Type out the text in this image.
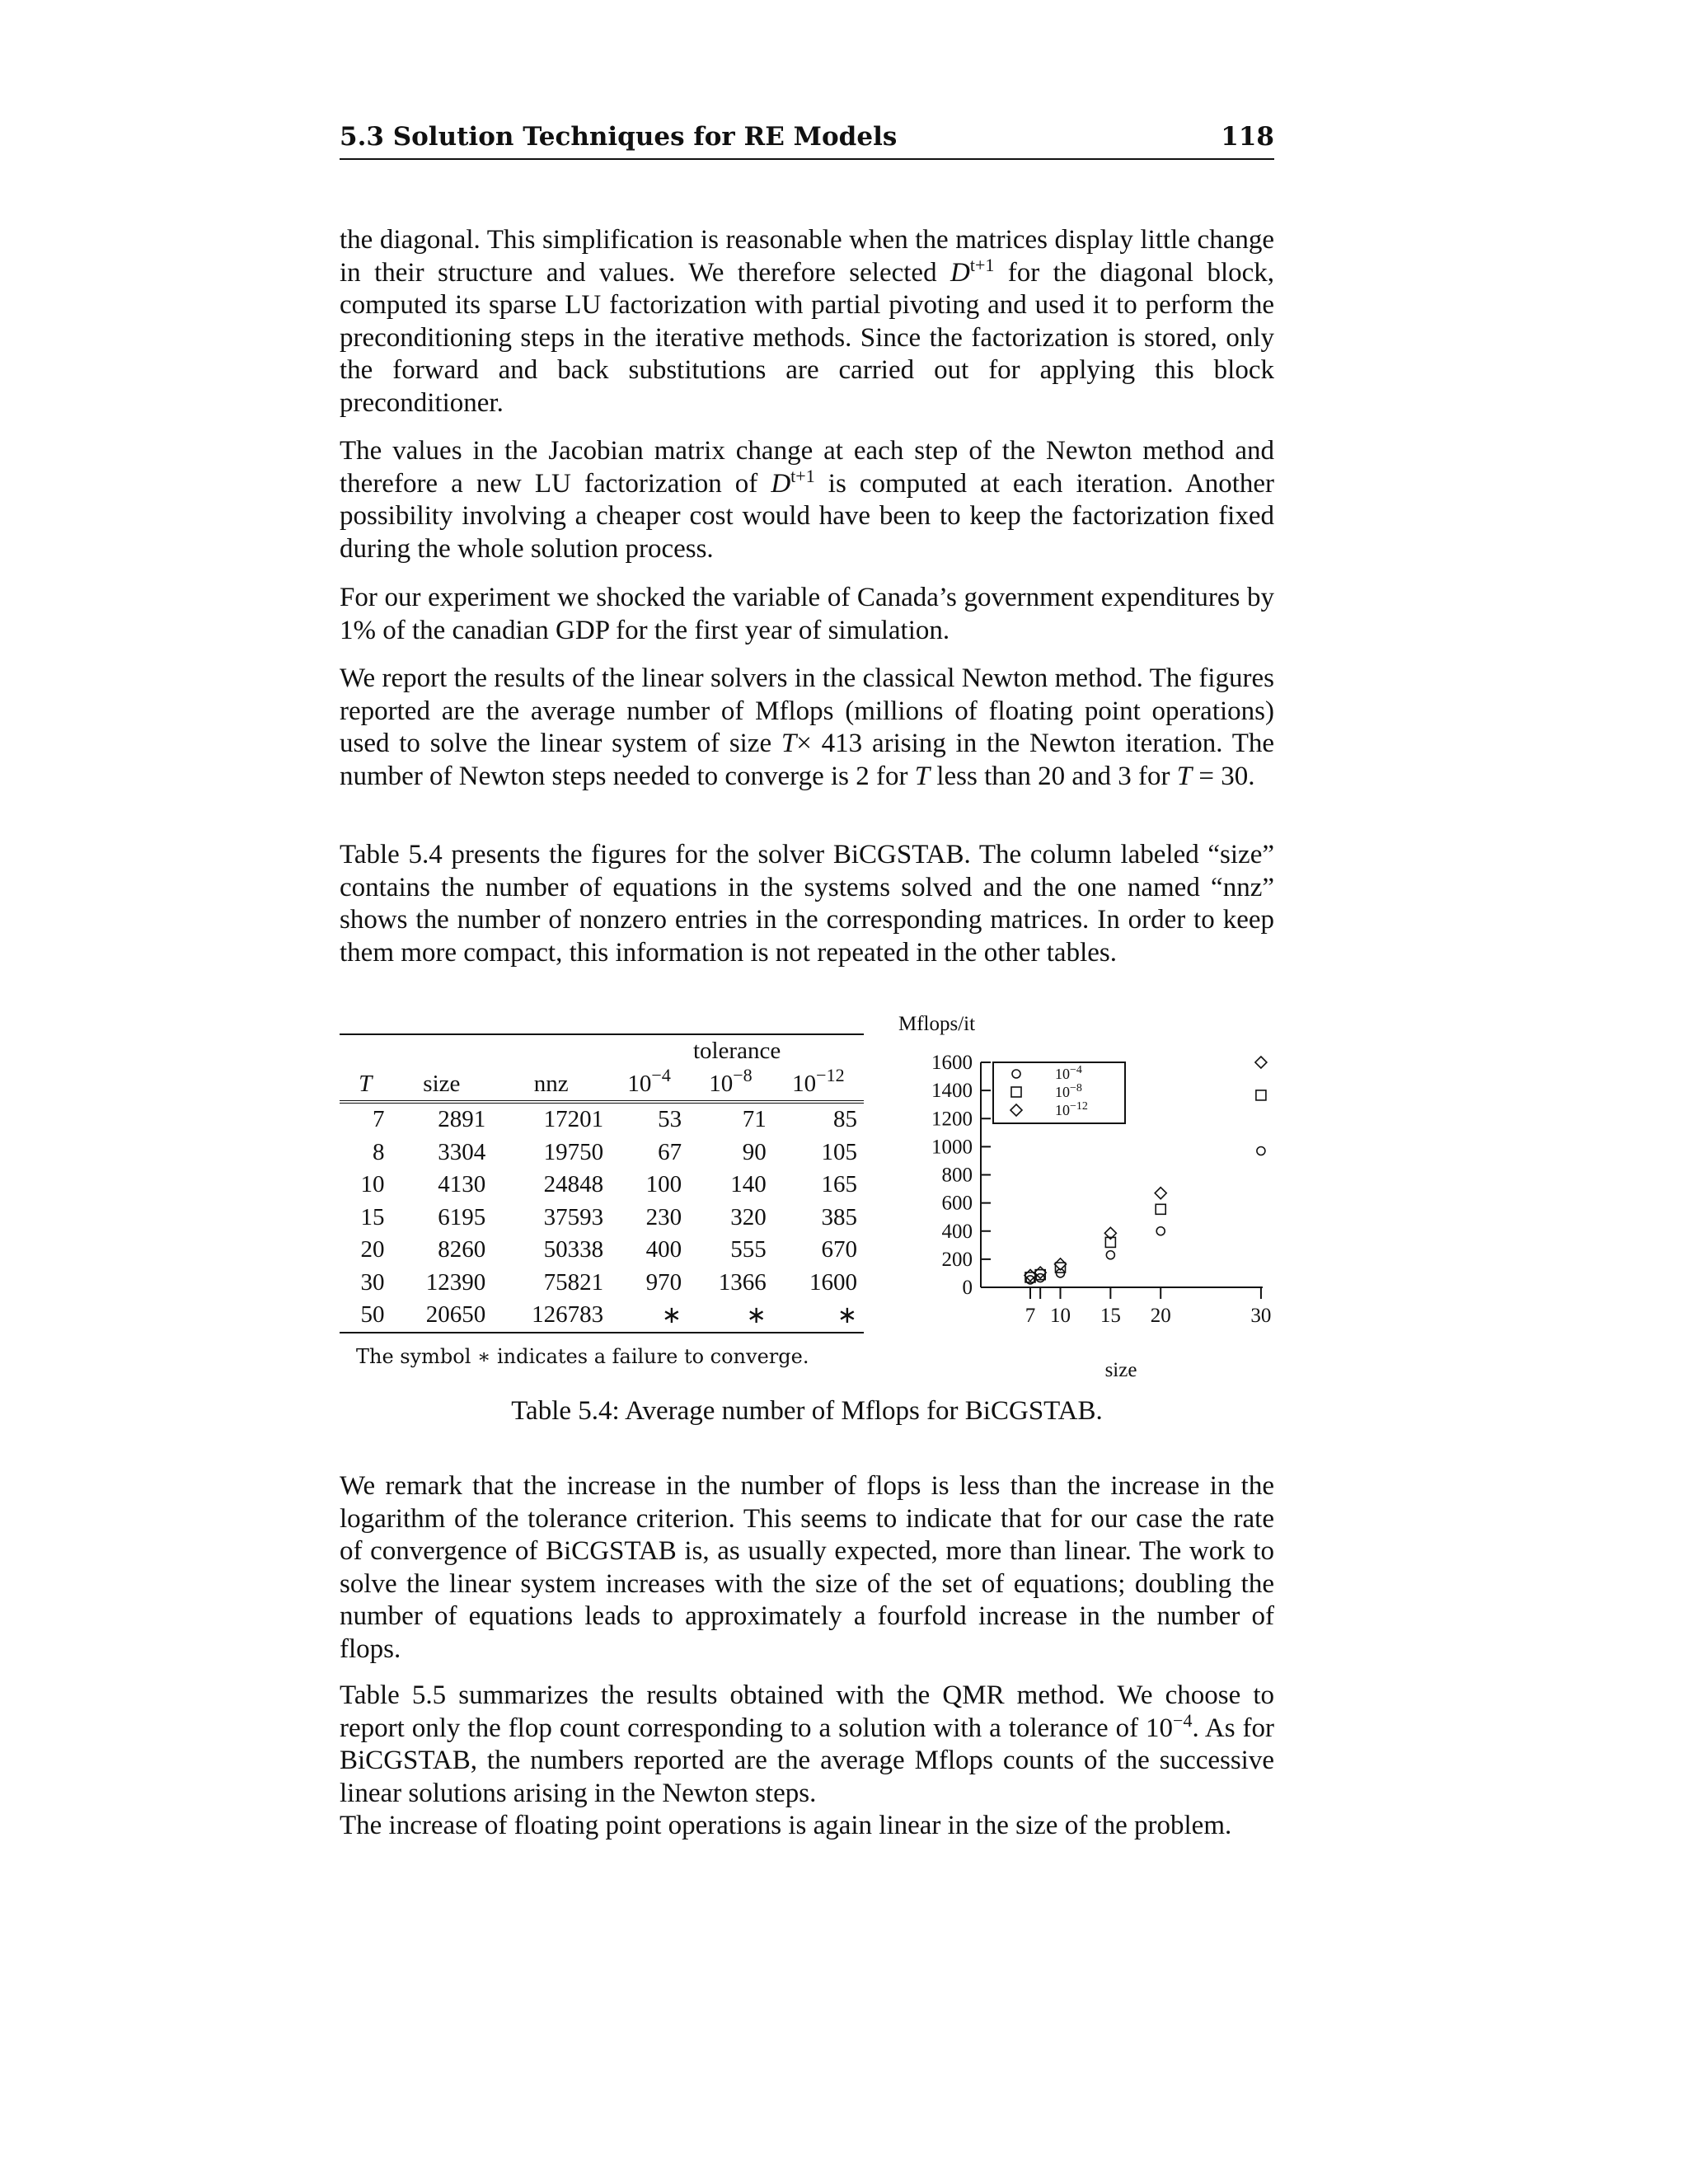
5.3 Solution Techniques for RE Models	118

the diagonal. This simplification is reasonable when the matrices display little change in their structure and values. We therefore selected $D^{t+1}$ for the diagonal block, computed its sparse LU factorization with partial pivoting and used it to perform the preconditioning steps in the iterative methods. Since the factorization is stored, only the forward and back substitutions are carried out for applying this block preconditioner.

The values in the Jacobian matrix change at each step of the Newton method and therefore a new LU factorization of $D^{t+1}$ is computed at each iteration. Another possibility involving a cheaper cost would have been to keep the factorization fixed during the whole solution process.

For our experiment we shocked the variable of Canada’s government expenditures by 1% of the canadian GDP for the first year of simulation.

We report the results of the linear solvers in the classical Newton method. The figures reported are the average number of Mflops (millions of floating point operations) used to solve the linear system of size T× 413 arising in the Newton iteration. The number of Newton steps needed to converge is 2 for T less than 20 and 3 for T = 30.

Table 5.4 presents the figures for the solver BiCGSTAB. The column labeled “size” contains the number of equations in the systems solved and the one named “nnz” shows the number of nonzero entries in the corresponding matrices. In order to keep them more compact, this information is not repeated in the other tables.

			tolerance		
T	size	nnz	$10^{-4}$	$10^{-8}$	$10^{-12}$
7	2891	17201	53	71	85
8	3304	19750	67	90	105
10	4130	24848	100	140	165
15	6195	37593	230	320	385
20	8260	50338	400	555	670
30	12390	75821	970	1366	1600
50	20650	126783	∗	∗	∗
The symbol ∗ indicates a failure to converge.
Mflops/it
size
0
200
400
600
800
1000
1200
1400
1600
7 10 15 20	30
$10^{-4}$
$10^{-8}$
$10^{-12}$
Table 5.4: Average number of Mflops for BiCGSTAB.

We remark that the increase in the number of flops is less than the increase in the logarithm of the tolerance criterion. This seems to indicate that for our case the rate of convergence of BiCGSTAB is, as usually expected, more than linear. The work to solve the linear system increases with the size of the set of equations; doubling the number of equations leads to approximately a fourfold increase in the number of flops.

Table 5.5 summarizes the results obtained with the QMR method. We choose to report only the flop count corresponding to a solution with a tolerance of $10^{-4}$. As for BiCGSTAB, the numbers reported are the average Mflops counts of the successive linear solutions arising in the Newton steps.

The increase of floating point operations is again linear in the size of the problem.
